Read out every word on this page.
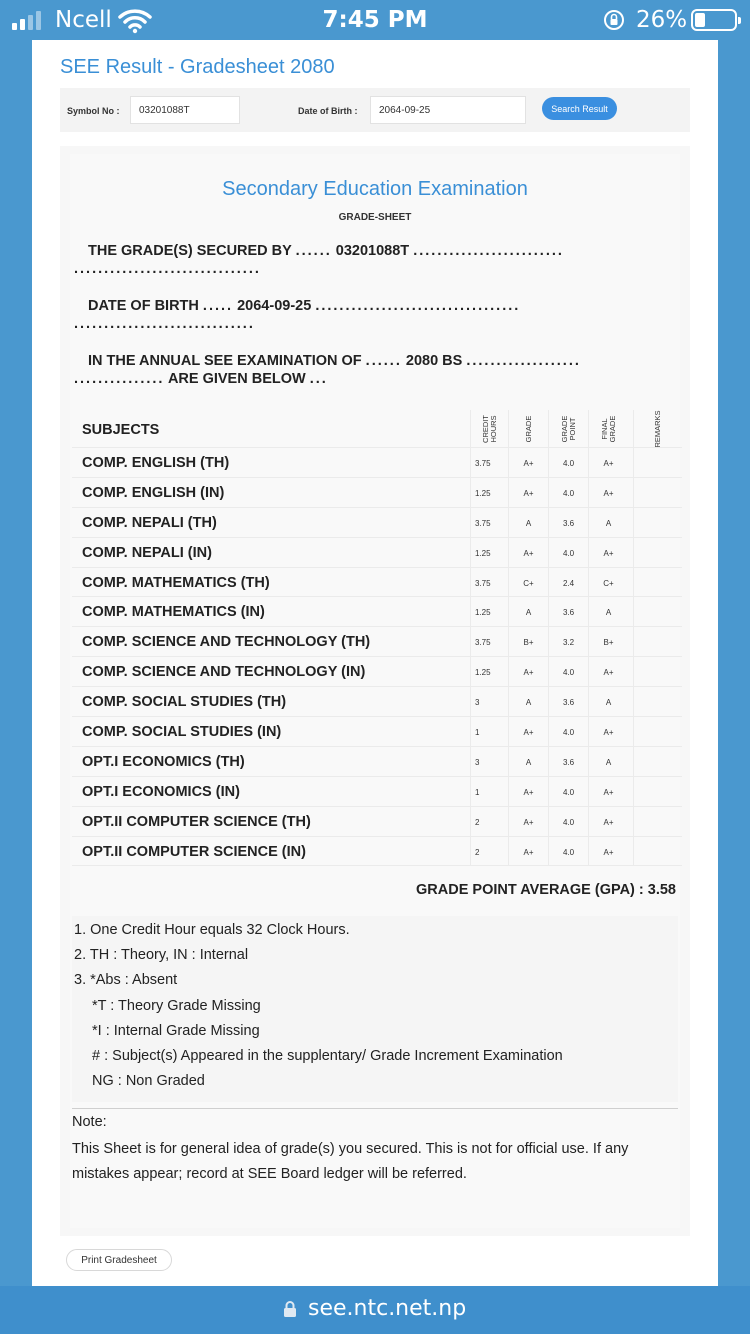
Ncell	7:45 PM	26%
SEE Result - Gradesheet 2080
Symbol No :
03201088T	Date of Birth :
2064-09-25	Search Result
Secondary Education Examination
GRADE-SHEET
THE GRADE(S) SECURED BY ...... 03201088T .........................
...............................
DATE OF BIRTH ..... 2064-09-25 ..................................
..............................
IN THE ANNUAL SEE EXAMINATION OF ...... 2080 BS ...................
............... ARE GIVEN BELOW ...
SUBJECTS	CREDIT HOURS	GRADE	GRADE POINT	FINAL GRADE	REMARKS
COMP. ENGLISH (TH)	3.75	A+	4.0	A+
COMP. ENGLISH (IN)	1.25	A+	4.0	A+
COMP. NEPALI (TH)	3.75	A	3.6	A
COMP. NEPALI (IN)	1.25	A+	4.0	A+
COMP. MATHEMATICS (TH)	3.75	C+	2.4	C+
COMP. MATHEMATICS (IN)	1.25	A	3.6	A
COMP. SCIENCE AND TECHNOLOGY (TH)	3.75	B+	3.2	B+
COMP. SCIENCE AND TECHNOLOGY (IN)	1.25	A+	4.0	A+
COMP. SOCIAL STUDIES (TH)	3	A	3.6	A
COMP. SOCIAL STUDIES (IN)	1	A+	4.0	A+
OPT.I ECONOMICS (TH)	3	A	3.6	A
OPT.I ECONOMICS (IN)	1	A+	4.0	A+
OPT.II COMPUTER SCIENCE (TH)	2	A+	4.0	A+
OPT.II COMPUTER SCIENCE (IN)	2	A+	4.0	A+
GRADE POINT AVERAGE (GPA) : 3.58
1. One Credit Hour equals 32 Clock Hours.
2. TH : Theory, IN : Internal
3. *Abs : Absent
*T : Theory Grade Missing
*I : Internal Grade Missing
# : Subject(s) Appeared in the supplentary/ Grade Increment Examination
NG : Non Graded
Note:
This Sheet is for general idea of grade(s) you secured. This is not for official use. If any mistakes appear; record at SEE Board ledger will be referred.
Print Gradesheet
see.ntc.net.np
